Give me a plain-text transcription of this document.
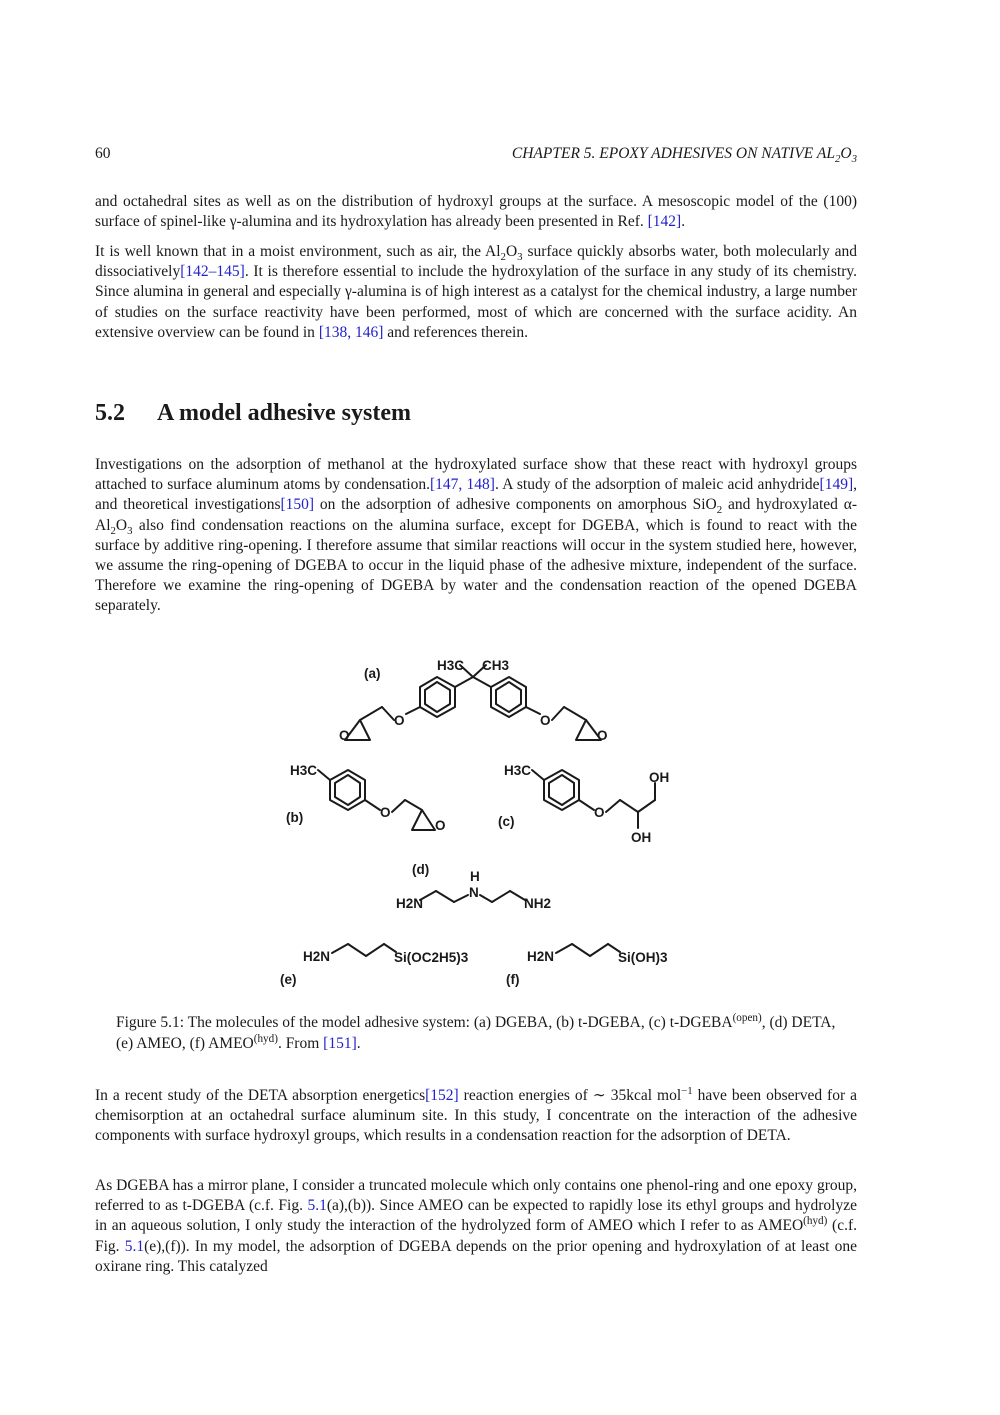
60	CHAPTER 5. EPOXY ADHESIVES ON NATIVE $AL_2O_3$

and octahedral sites as well as on the distribution of hydroxyl groups at the surface. A mesoscopic model of the (100) surface of spinel-like γ-alumina and its hydroxylation has already been presented in Ref. [142].

It is well known that in a moist environment, such as air, the $Al_2O_3$ surface quickly absorbs water, both molecularly and dissociatively[142–145]. It is therefore essential to include the hydroxylation of the surface in any study of its chemistry. Since alumina in general and especially γ-alumina is of high interest as a catalyst for the chemical industry, a large number of studies on the surface reactivity have been performed, most of which are concerned with the surface acidity. An extensive overview can be found in [138, 146] and references therein.

5.2 A model adhesive system

Investigations on the adsorption of methanol at the hydroxylated surface show that these react with hydroxyl groups attached to surface aluminum atoms by condensation.[147, 148]. A study of the adsorption of maleic acid anhydride[149], and theoretical investigations[150] on the adsorption of adhesive components on amorphous SiO$_2$ and hydroxylated $\alpha-Al_2O_3$ also find condensation reactions on the alumina surface, except for DGEBA, which is found to react with the surface by additive ring-opening. I therefore assume that similar reactions will occur in the system studied here, however, we assume the ring-opening of DGEBA to occur in the liquid phase of the adhesive mixture, independent of the surface. Therefore we examine the ring-opening of DGEBA by water and the condensation reaction of the opened DGEBA separately.

(a)
(b)	(c)
(d)
(e)	(f)
H3C CH3
O	O
O	O
H3C
O
O
H3C
O
OH
OH
H
N
H2N	NH2
H2N	Si(OC2H5)3	H2N	Si(OH)3

Figure 5.1: The molecules of the model adhesive system: (a) DGEBA, (b) t-DGEBA, (c) $t-DGEBA^{(open)}$, (d) DETA, (e) AMEO, (f) $AMEO^{(hyd)}$. From [151].

In a recent study of the DETA absorption energetics[152] reaction energies of ∼ 35kcal mol$^{-1}$ have been observed for a chemisorption at an octahedral surface aluminum site. In this study, I concentrate on the interaction of the adhesive components with surface hydroxyl groups, which results in a condensation reaction for the adsorption of DETA.

As DGEBA has a mirror plane, I consider a truncated molecule which only contains one phenol-ring and one epoxy group, referred to as t-DGEBA (c.f. Fig. 5.1(a),(b)). Since AMEO can be expected to rapidly lose its ethyl groups and hydrolyze in an aqueous solution, I only study the interaction of the hydrolyzed form of AMEO which I refer to as $AMEO^{(hyd)}$ (c.f. Fig. 5.1(e),(f)). In my model, the adsorption of DGEBA depends on the prior opening and hydroxylation of at least one oxirane ring. This catalyzed
